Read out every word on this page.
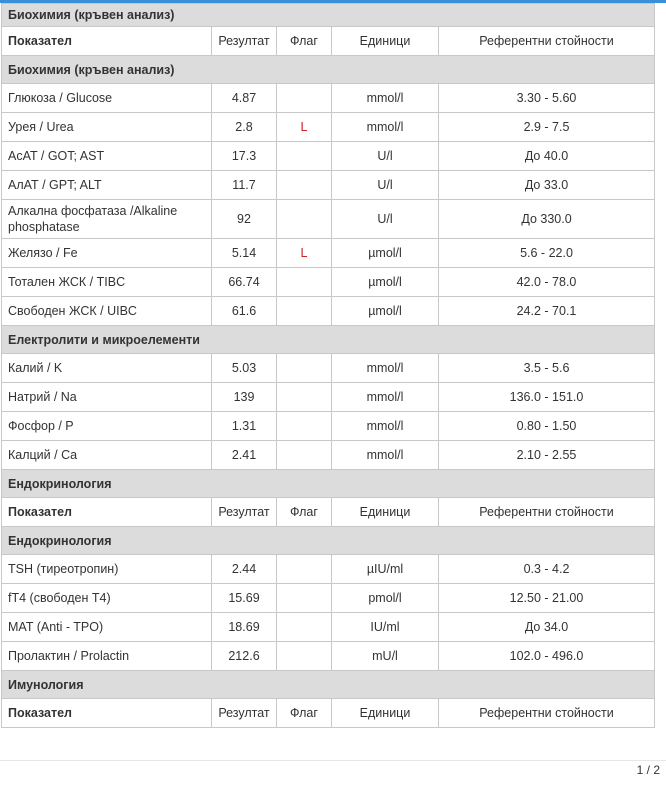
Биохимия (кръвен анализ)				
Показател	Резултат	Флаг	Единици	Референтни стойности
Биохимия (кръвен анализ)				
Глюкоза / Glucose	4.87		mmol/l	3.30 - 5.60
Урея / Urea	2.8	L	mmol/l	2.9 - 7.5
AcAT / GOT; AST	17.3		U/l	До 40.0
АлАТ / GPT; ALT	11.7		U/l	До 33.0
Алкална фосфатаза /Alkaline phosphatase	92		U/l	До 330.0
Желязо / Fe	5.14	L	µmol/l	5.6 - 22.0
Тотален ЖСК / TIBC	66.74		µmol/l	42.0 - 78.0
Свободен ЖСК / UIBC	61.6		µmol/l	24.2 - 70.1
Електролити и микроелементи				
Калий / K	5.03		mmol/l	3.5 - 5.6
Натрий / Na	139		mmol/l	136.0 - 151.0
Фосфор / P	1.31		mmol/l	0.80 - 1.50
Калций / Ca	2.41		mmol/l	2.10 - 2.55
Ендокринология				
Показател	Резултат	Флаг	Единици	Референтни стойности
Ендокринология				
TSH (тиреотропин)	2.44		µIU/ml	0.3 - 4.2
fT4 (свободен T4)	15.69		pmol/l	12.50 - 21.00
MAT (Anti - TPO)	18.69		IU/ml	До 34.0
Пролактин / Prolactin	212.6		mU/l	102.0 - 496.0
Имунология				
Показател	Резултат	Флаг	Единици	Референтни стойности
1 / 2
